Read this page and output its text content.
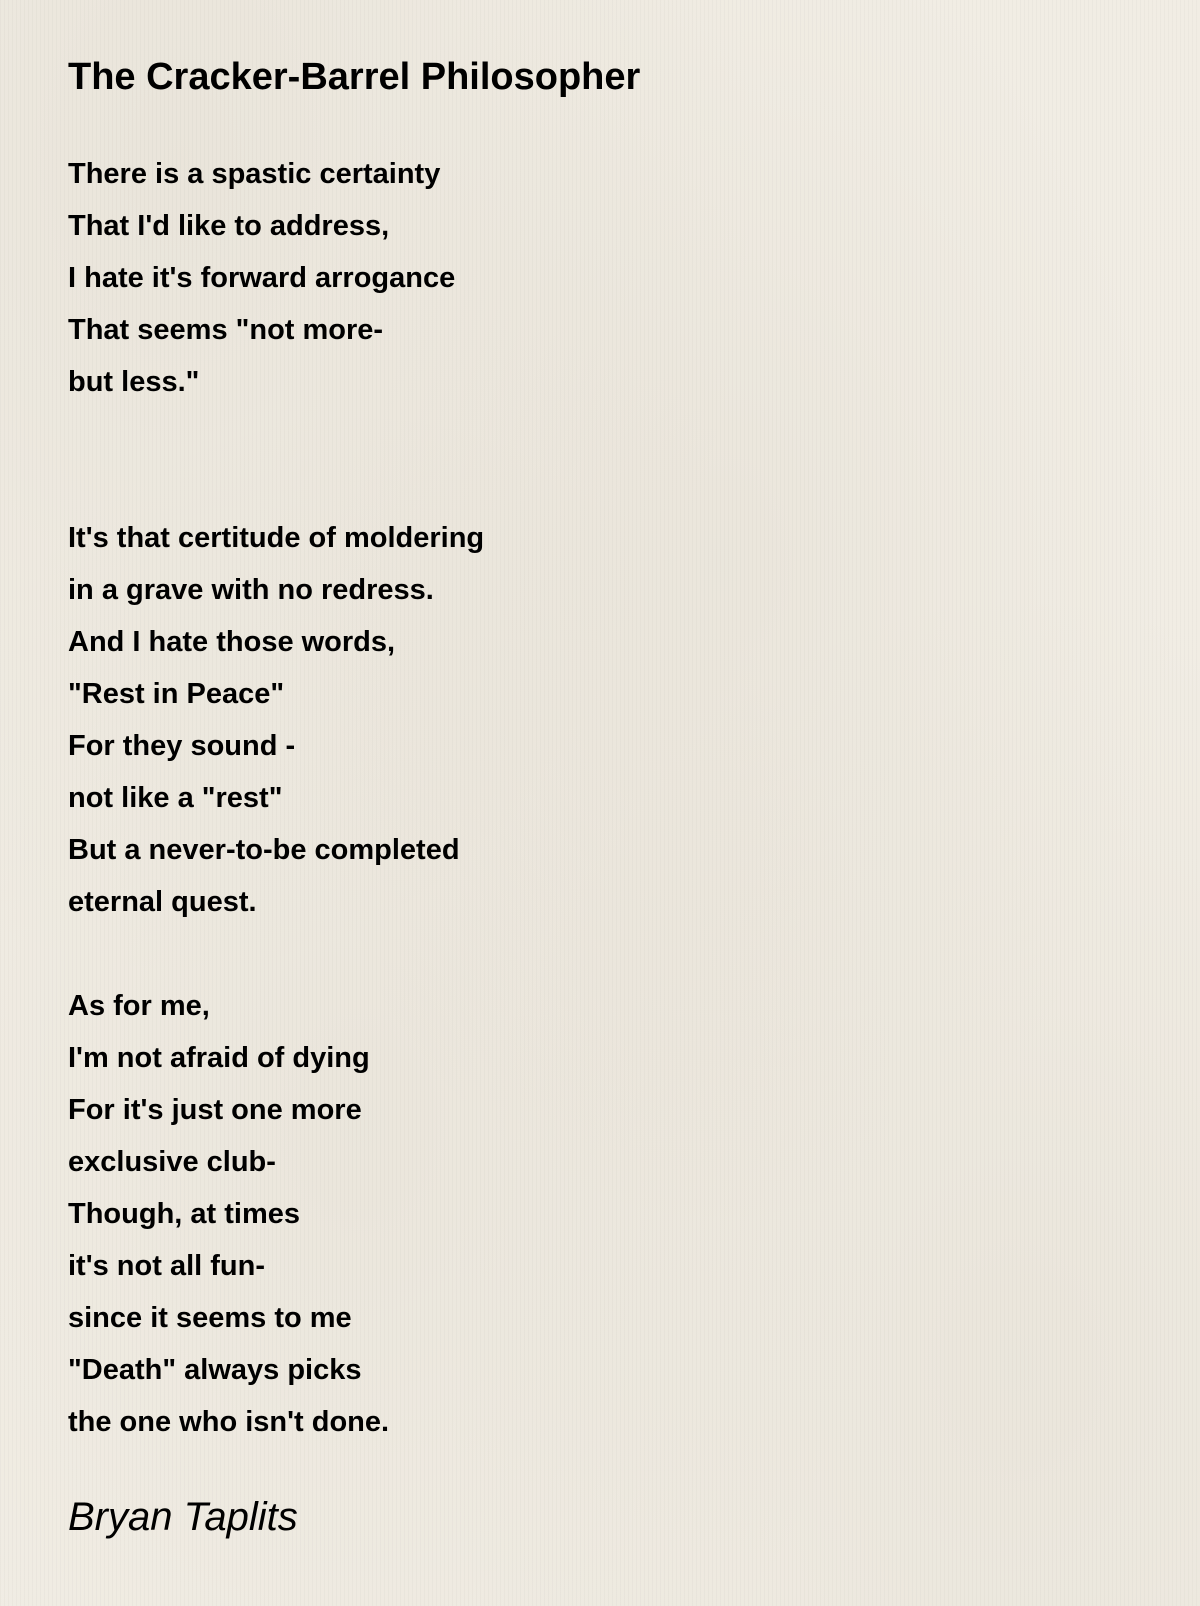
The Cracker-Barrel Philosopher
There is a spastic certainty
That I'd like to address,
I hate it's forward arrogance
That seems "not more-
but less."
It's that certitude of moldering
in a grave with no redress.
And I hate those words,
"Rest in Peace"
For they sound -
not like a "rest"
But a never-to-be completed
eternal quest.
As for me,
I'm not afraid of dying
For it's just one more
exclusive club-
Though, at times
it's not all fun-
since it seems to me
"Death" always picks
the one who isn't done.

Bryan Taplits
